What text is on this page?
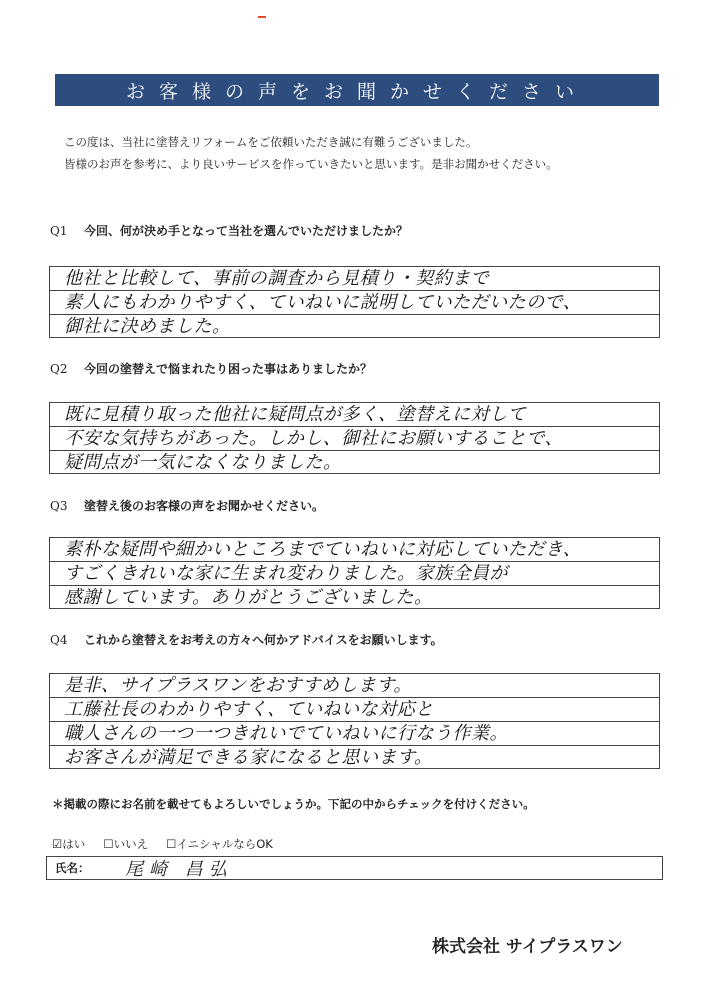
お客様の声をお聞かせください
この度は、当社に塗替えリフォームをご依頼いただき誠に有難うございました。
皆様のお声を参考に、より良いサービスを作っていきたいと思います。是非お聞かせください。
Q1 今回、何が決め手となって当社を選んでいただけましたか？
他社と比較して、事前の調査から見積り・契約まで
素人にもわかりやすく、ていねいに説明していただいたので、
御社に決めました。
Q2 今回の塗替えで悩まれたり困った事はありましたか？
既に見積り取った他社に疑問点が多く、塗替えに対して
不安な気持ちがあった。しかし、御社にお願いすることで、
疑問点が一気になくなりました。
Q3 塗替え後のお客様の声をお聞かせください。
素朴な疑問や細かいところまでていねいに対応していただき、
すごくきれいな家に生まれ変わりました。家族全員が
感謝しています。ありがとうございました。
Q4 これから塗替えをお考えの方々へ何かアドバイスをお願いします。
是非、サイプラスワンをおすすめします。
工藤社長のわかりやすく、ていねいな対応と
職人さんの一つ一つきれいでていねいに行なう作業。
お客さんが満足できる家になると思います。
＊掲載の際にお名前を載せてもよろしいでしょうか。下記の中からチェックを付けください。
☑はい ☐いいえ ☐イニシャルならOK
氏名：	尾崎 昌弘
株式会社 サイプラスワン
